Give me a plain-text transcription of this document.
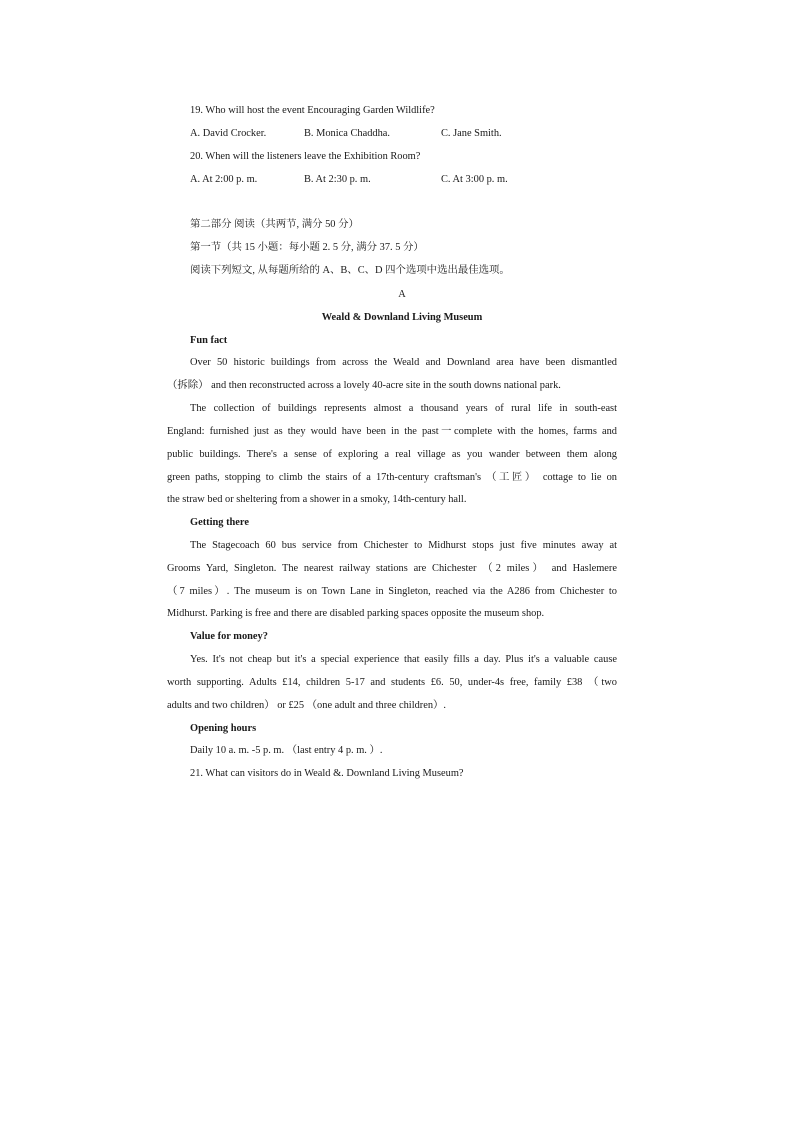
19. Who will host the event Encouraging Garden Wildlife?
A. David Crocker.	B. Monica Chaddha.	C. Jane Smith.
20. When will the listeners leave the Exhibition Room?
A. At 2:00 p. m.	B. At 2:30 p. m.	C. At 3:00 p. m.
第二部分 阅读（共两节, 满分 50 分）
第一节（共 15 小题：每小题 2. 5 分, 满分 37. 5 分）
阅读下列短文, 从每题所给的 A、B、C、D 四个选项中选出最佳选项。
A
Weald & Downland Living Museum
Fun fact
Over 50 historic buildings from across the Weald and Downland area have been dismantled
（拆除） and then reconstructed across a lovely 40-acre site in the south downs national park.
The collection of buildings represents almost a thousand years of rural life in south-east
England: furnished just as they would have been in the past一complete with the homes, farms and
public buildings. There's a sense of exploring a real village as you wander between them along
green paths, stopping to climb the stairs of a 17th-century craftsman's （工匠） cottage to lie on
the straw bed or sheltering from a shower in a smoky, 14th-century hall.
Getting there
The Stagecoach 60 bus service from Chichester to Midhurst stops just five minutes away at
Grooms Yard, Singleton. The nearest railway stations are Chichester （2 miles） and Haslemere
（7 miles）. The museum is on Town Lane in Singleton, reached via the A286 from Chichester to
Midhurst. Parking is free and there are disabled parking spaces opposite the museum shop.
Value for money?
Yes. It's not cheap but it's a special experience that easily fills a day. Plus it's a valuable cause
worth supporting. Adults £14, children 5-17 and students £6. 50, under-4s free, family £38 （two
adults and two children） or £25 （one adult and three children）.
Opening hours
Daily 10 a. m. -5 p. m. （last entry 4 p. m. ）.
21. What can visitors do in Weald &. Downland Living Museum?
